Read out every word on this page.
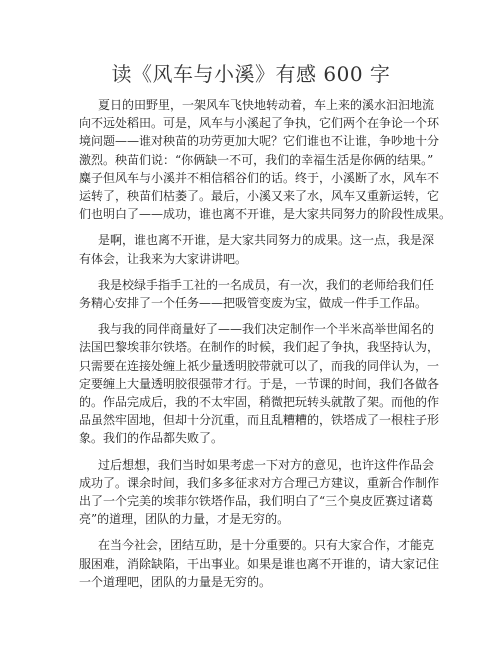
读《风车与小溪》有感 600 字

夏日的田野里，一架风车飞快地转动着，车上来的溪水汩汩地流
向不远处稻田。可是，风车与小溪起了争执，它们两个在争论一个环
境问题——谁对秧苗的功劳更加大呢？它们谁也不让谁，争吵地十分
激烈。秧苗们说：“你俩缺一不可，我们的幸福生活是你俩的结果。”
麋子但风车与小溪并不相信稻谷们的话。终于，小溪断了水，风车不
运转了，秧苗们枯萎了。最后，小溪又来了水，风车又重新运转，它
们也明白了——成功，谁也离不开谁，是大家共同努力的阶段性成果。

是啊，谁也离不开谁，是大家共同努力的成果。这一点，我是深
有体会，让我来为大家讲讲吧。

我是校绿手指手工社的一名成员，有一次，我们的老师给我们任
务精心安排了一个任务——把吸管变废为宝，做成一件手工作品。

我与我的同伴商量好了——我们决定制作一个半米高举世闻名的
法国巴黎埃菲尔铁塔。在制作的时候，我们起了争执，我坚持认为，
只需要在连接处缠上祇少量透明胶带就可以了，而我的同伴认为，一
定要缠上大量透明胶很强带才行。于是，一节课的时间，我们各做各
的。作品完成后，我的不太牢固，稍微把玩转头就散了架。而他的作
品虽然牢固地，但却十分沉重，而且乱糟糟的，铁塔成了一根柱子形
象。我们的作品都失败了。

过后想想，我们当时如果考虑一下对方的意见，也许这件作品会
成功了。课余时间，我们多多征求对方合理己方建议，重新合作制作
出了一个完美的埃菲尔铁塔作品，我们明白了“三个臭皮匠赛过诸葛
亮”的道理，团队的力量，才是无穷的。

在当今社会，团结互助，是十分重要的。只有大家合作，才能克
服困难，消除缺陷，干出事业。如果是谁也离不开谁的，请大家记住
一个道理吧，团队的力量是无穷的。
